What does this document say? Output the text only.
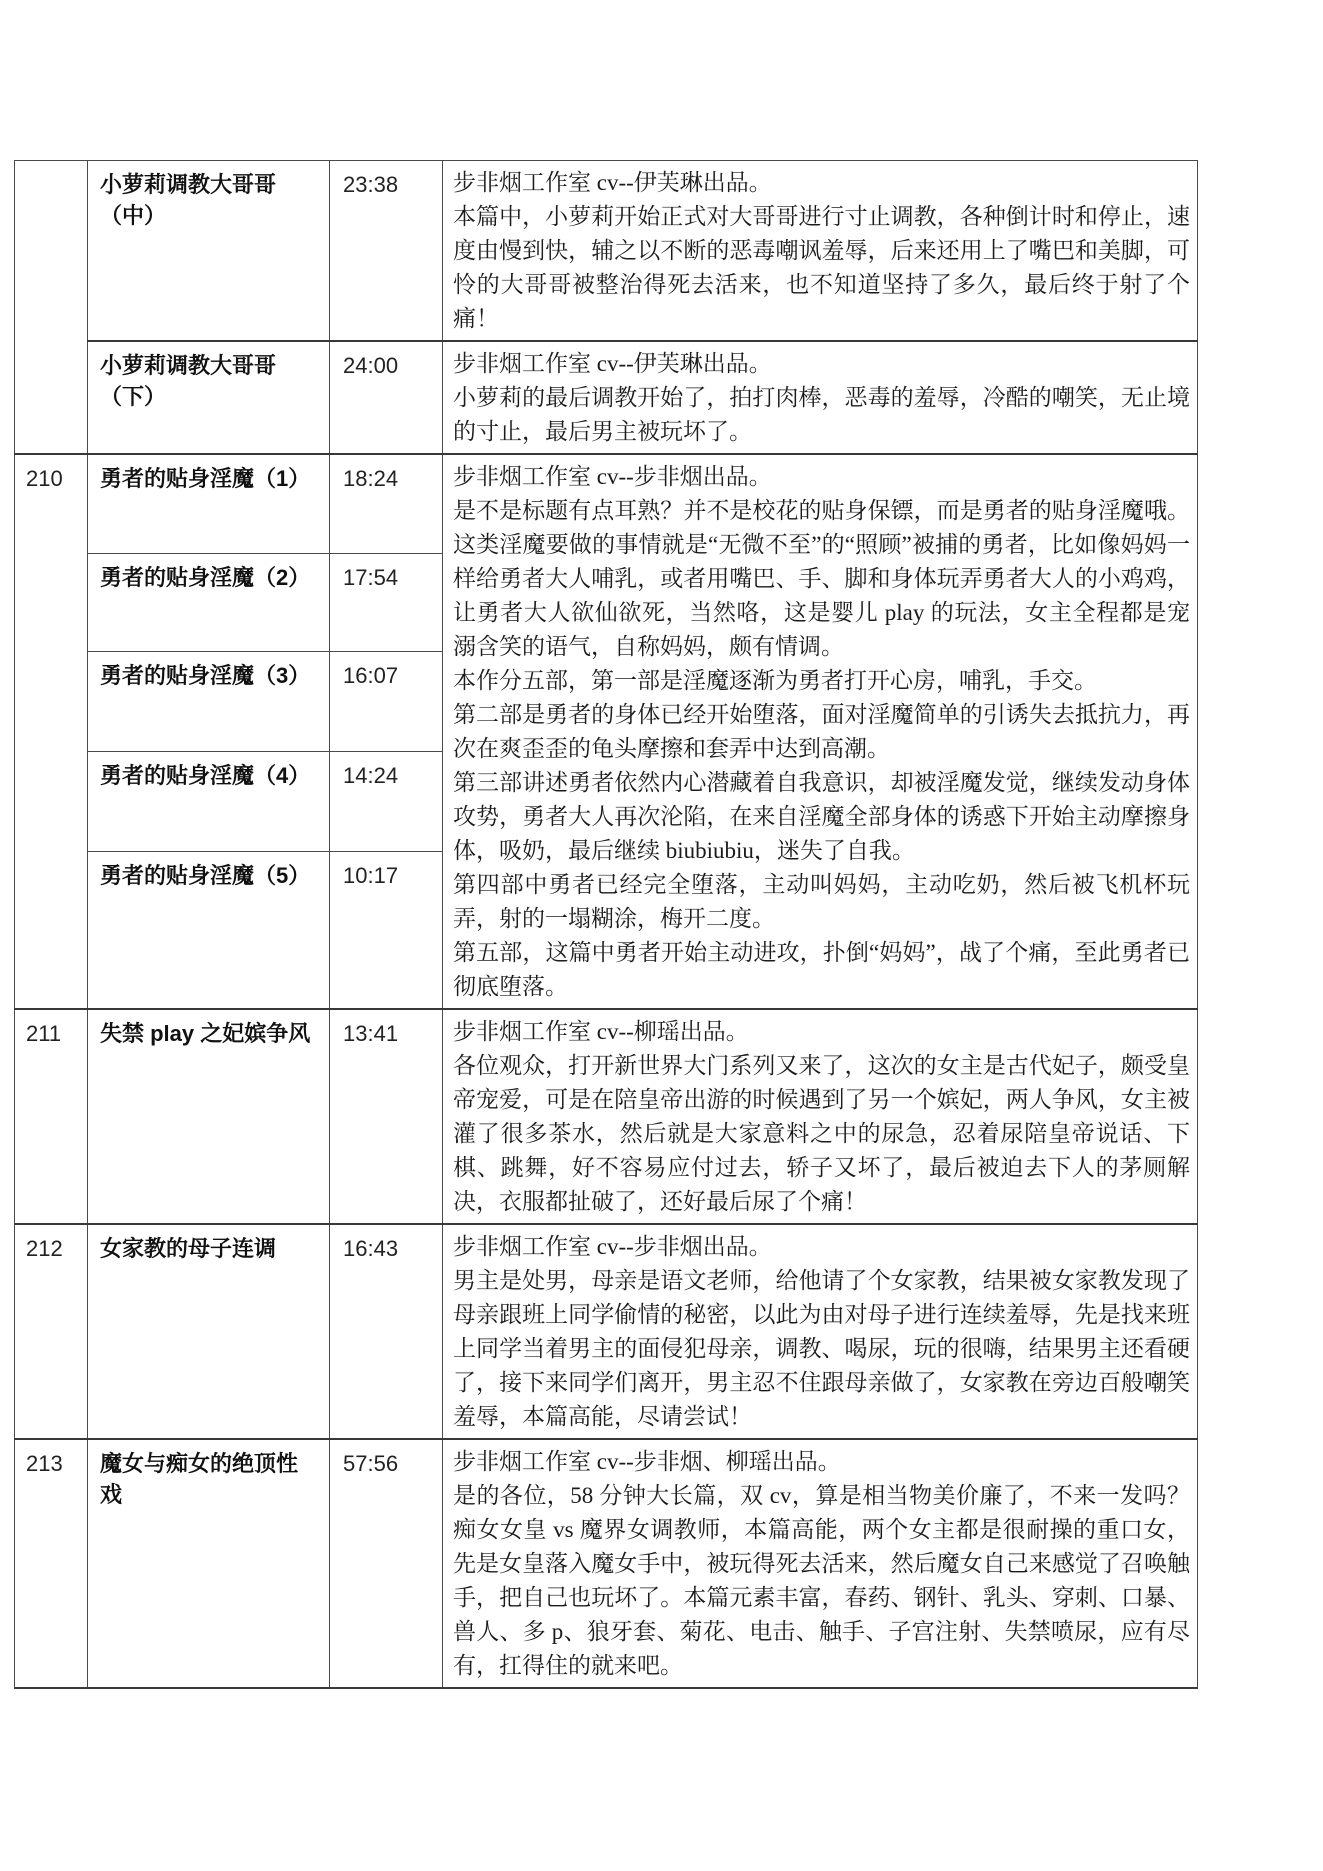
	小萝莉调教大哥哥（中）	23:38	步非烟工作室 cv--伊芙琳出品。

本篇中，小萝莉开始正式对大哥哥进行寸止调教，各种倒计时和停止，速度由慢到快，辅之以不断的恶毒嘲讽羞辱，后来还用上了嘴巴和美脚，可怜的大哥哥被整治得死去活来，也不知道坚持了多久，最后终于射了个痛！

	小萝莉调教大哥哥（下）	24:00	步非烟工作室 cv--伊芙琳出品。

小萝莉的最后调教开始了，拍打肉棒，恶毒的羞辱，冷酷的嘲笑，无止境的寸止，最后男主被玩坏了。

210	勇者的贴身淫魔（1）	18:24	步非烟工作室 cv--步非烟出品。

是不是标题有点耳熟？并不是校花的贴身保镖，而是勇者的贴身淫魔哦。这类淫魔要做的事情就是“无微不至”的“照顾”被捕的勇者，比如像妈妈一样给勇者大人哺乳，或者用嘴巴、手、脚和身体玩弄勇者大人的小鸡鸡，让勇者大人欲仙欲死，当然咯，这是婴儿 play 的玩法，女主全程都是宠溺含笑的语气，自称妈妈，颇有情调。

本作分五部，第一部是淫魔逐渐为勇者打开心房，哺乳，手交。

第二部是勇者的身体已经开始堕落，面对淫魔简单的引诱失去抵抗力，再次在爽歪歪的龟头摩擦和套弄中达到高潮。

第三部讲述勇者依然内心潜藏着自我意识，却被淫魔发觉，继续发动身体攻势，勇者大人再次沦陷，在来自淫魔全部身体的诱惑下开始主动摩擦身体，吸奶，最后继续 biubiubiu，迷失了自我。

第四部中勇者已经完全堕落，主动叫妈妈，主动吃奶，然后被飞机杯玩弄，射的一塌糊涂，梅开二度。

第五部，这篇中勇者开始主动进攻，扑倒“妈妈”，战了个痛，至此勇者已彻底堕落。

	勇者的贴身淫魔（2）	17:54	
	勇者的贴身淫魔（3）	16:07	
	勇者的贴身淫魔（4）	14:24	
	勇者的贴身淫魔（5）	10:17	
211	失禁 play 之妃嫔争风	13:41	步非烟工作室 cv--柳瑶出品。

各位观众，打开新世界大门系列又来了，这次的女主是古代妃子，颇受皇帝宠爱，可是在陪皇帝出游的时候遇到了另一个嫔妃，两人争风，女主被灌了很多茶水，然后就是大家意料之中的尿急，忍着尿陪皇帝说话、下棋、跳舞，好不容易应付过去，轿子又坏了，最后被迫去下人的茅厕解决，衣服都扯破了，还好最后尿了个痛！

212	女家教的母子连调	16:43	步非烟工作室 cv--步非烟出品。

男主是处男，母亲是语文老师，给他请了个女家教，结果被女家教发现了母亲跟班上同学偷情的秘密，以此为由对母子进行连续羞辱，先是找来班上同学当着男主的面侵犯母亲，调教、喝尿，玩的很嗨，结果男主还看硬了，接下来同学们离开，男主忍不住跟母亲做了，女家教在旁边百般嘲笑羞辱，本篇高能，尽请尝试！

213	魔女与痴女的绝顶性戏	57:56	步非烟工作室 cv--步非烟、柳瑶出品。

是的各位，58 分钟大长篇，双 cv，算是相当物美价廉了，不来一发吗？痴女女皇 vs 魔界女调教师，本篇高能，两个女主都是很耐操的重口女，先是女皇落入魔女手中，被玩得死去活来，然后魔女自己来感觉了召唤触手，把自己也玩坏了。本篇元素丰富，春药、钢针、乳头、穿刺、口暴、兽人、多 p、狼牙套、菊花、电击、触手、子宫注射、失禁喷尿，应有尽有，扛得住的就来吧。
